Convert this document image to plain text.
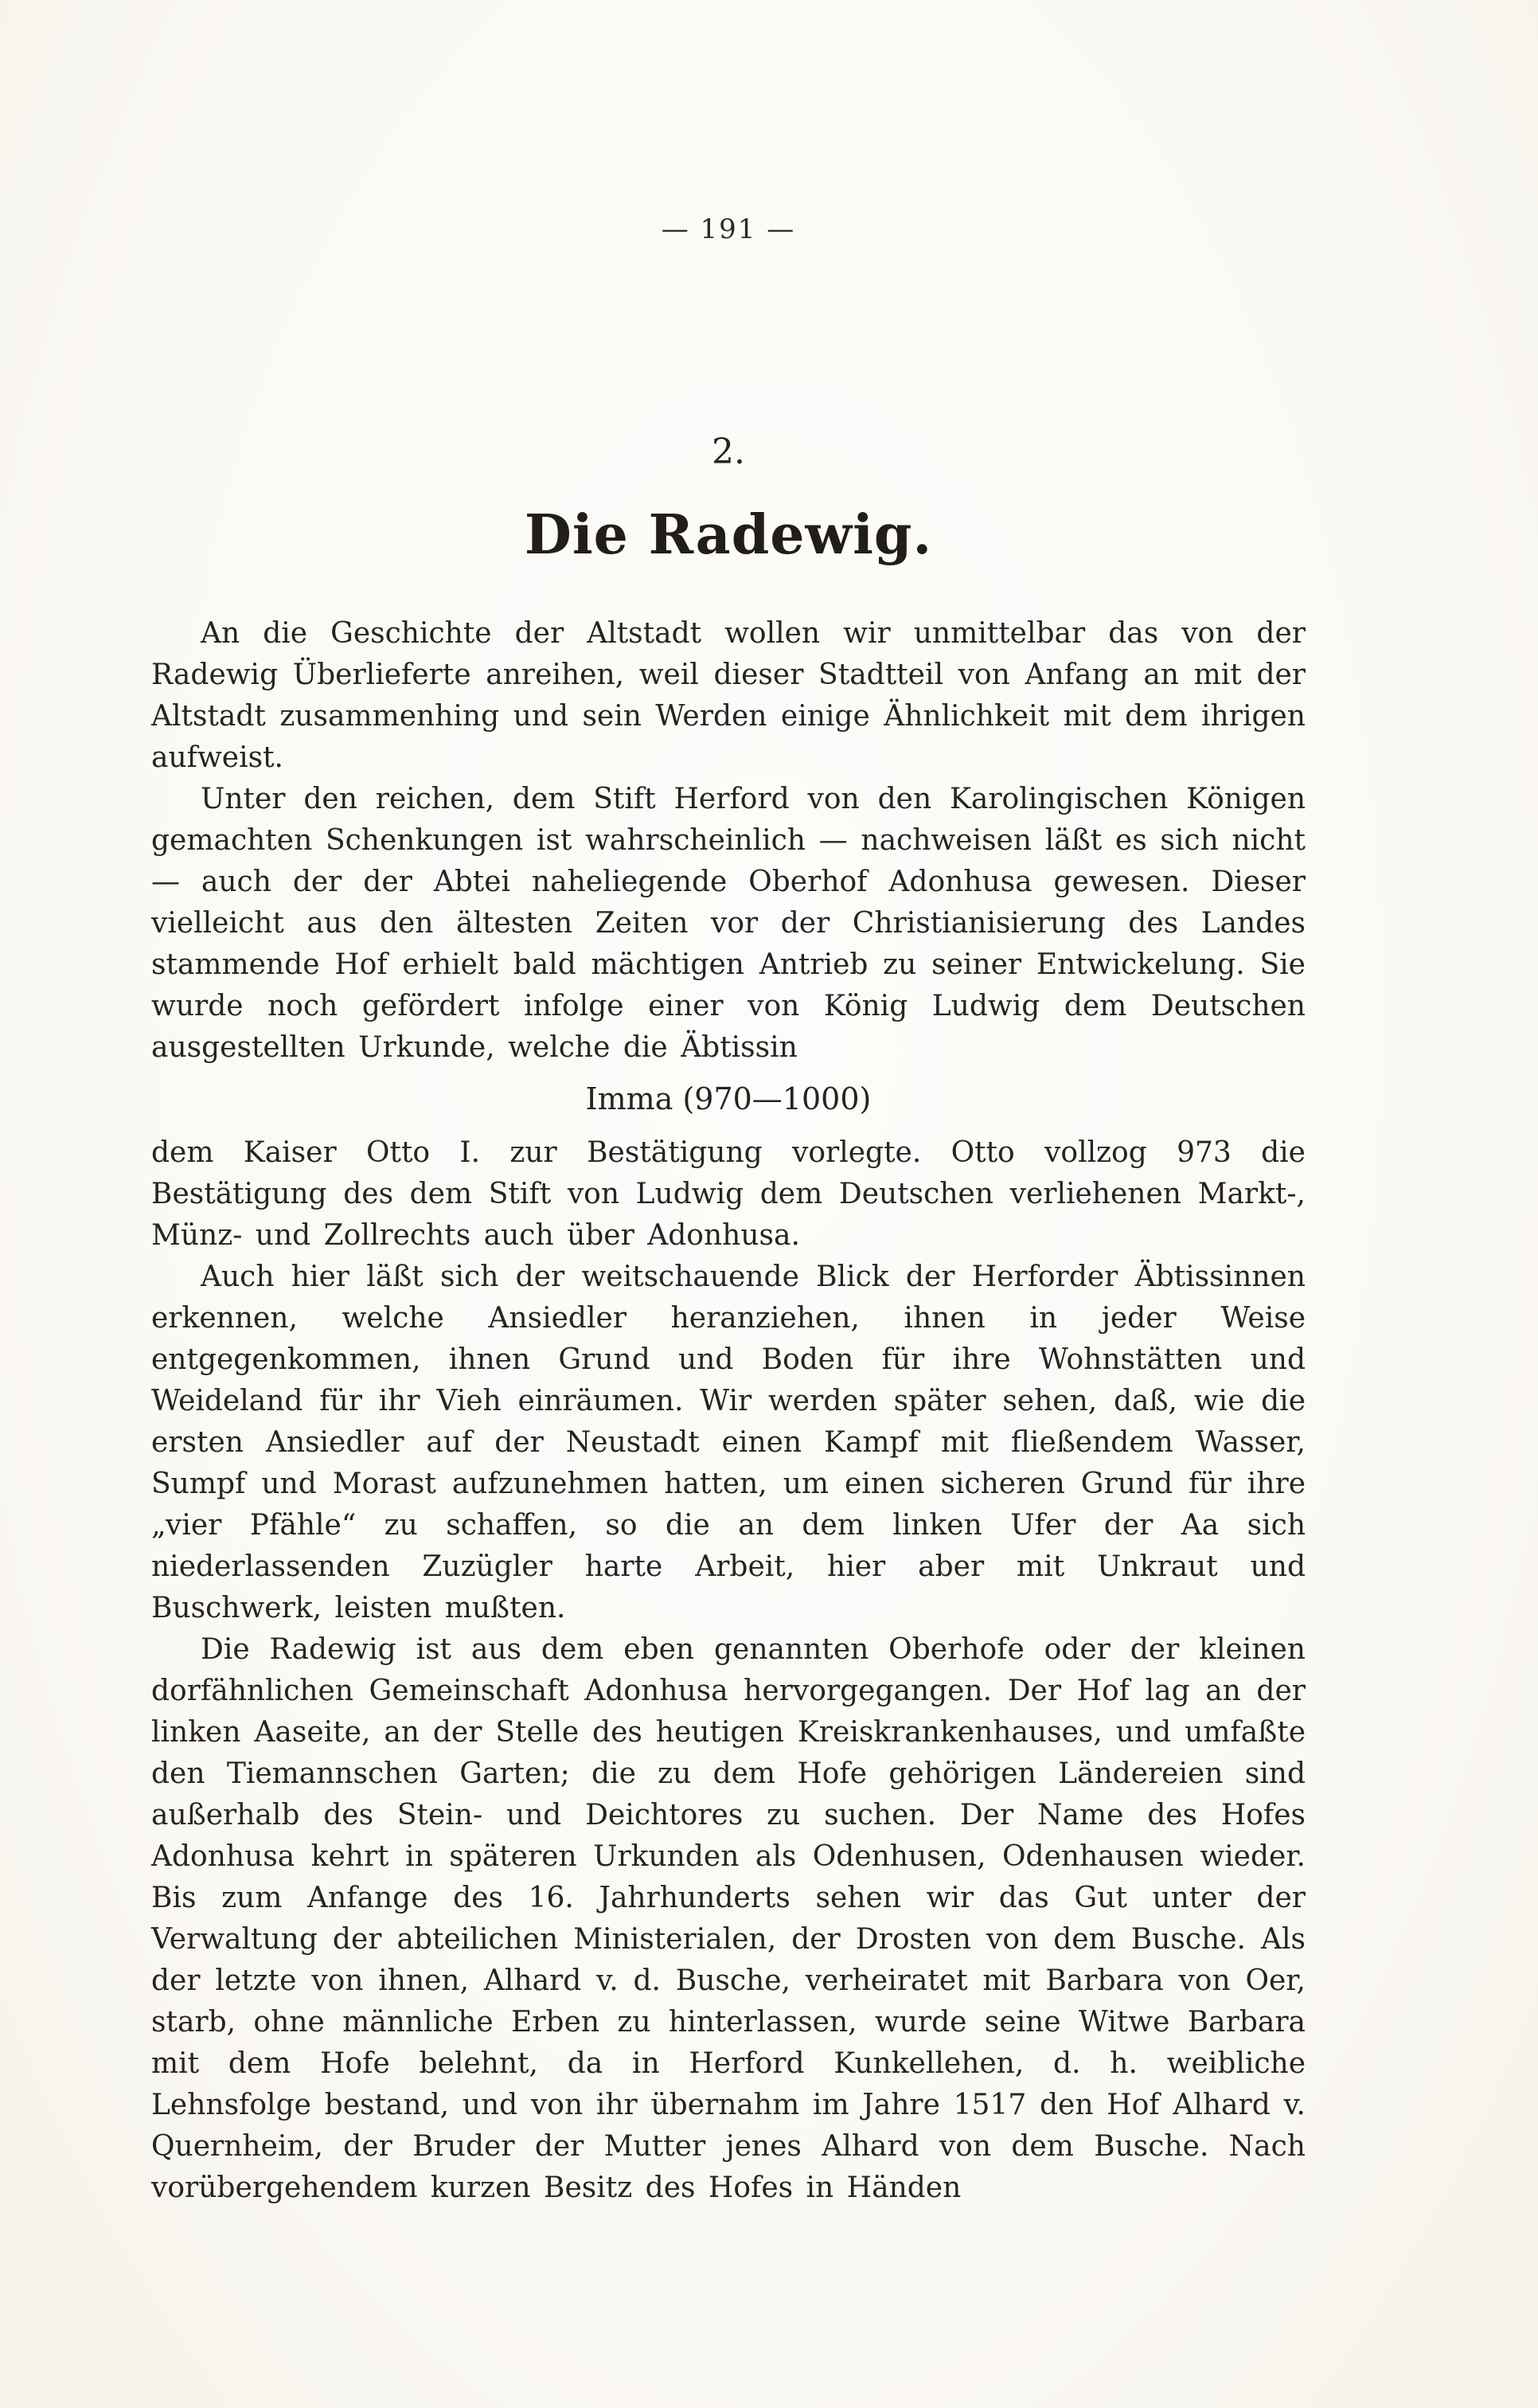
— 191 —
2.
Die Radewig.

An die Geschichte der Altstadt wollen wir unmittelbar das von der Radewig Überlieferte anreihen, weil dieser Stadtteil von Anfang an mit der Altstadt zusammenhing und sein Werden einige Ähnlichkeit mit dem ihrigen aufweist.

Unter den reichen, dem Stift Herford von den Karolingischen Königen gemachten Schenkungen ist wahrscheinlich — nachweisen läßt es sich nicht — auch der der Abtei naheliegende Oberhof Adonhusa gewesen. Dieser vielleicht aus den ältesten Zeiten vor der Christianisierung des Landes stammende Hof erhielt bald mächtigen Antrieb zu seiner Entwickelung. Sie wurde noch gefördert infolge einer von König Ludwig dem Deutschen ausgestellten Urkunde, welche die Äbtissin

Imma (970—1000)

dem Kaiser Otto I. zur Bestätigung vorlegte. Otto vollzog 973 die Bestätigung des dem Stift von Ludwig dem Deutschen verliehenen Markt-, Münz- und Zollrechts auch über Adonhusa.

Auch hier läßt sich der weitschauende Blick der Herforder Äbtissinnen erkennen, welche Ansiedler heranziehen, ihnen in jeder Weise entgegenkommen, ihnen Grund und Boden für ihre Wohnstätten und Weideland für ihr Vieh einräumen. Wir werden später sehen, daß, wie die ersten Ansiedler auf der Neustadt einen Kampf mit fließendem Wasser, Sumpf und Morast aufzunehmen hatten, um einen sicheren Grund für ihre „vier Pfähle“ zu schaffen, so die an dem linken Ufer der Aa sich niederlassenden Zuzügler harte Arbeit, hier aber mit Unkraut und Buschwerk, leisten mußten.

Die Radewig ist aus dem eben genannten Oberhofe oder der kleinen dorfähnlichen Gemeinschaft Adonhusa hervorgegangen. Der Hof lag an der linken Aaseite, an der Stelle des heutigen Kreiskrankenhauses, und umfaßte den Tiemannschen Garten; die zu dem Hofe gehörigen Ländereien sind außerhalb des Stein- und Deichtores zu suchen. Der Name des Hofes Adonhusa kehrt in späteren Urkunden als Odenhusen, Odenhausen wieder. Bis zum Anfange des 16. Jahrhunderts sehen wir das Gut unter der Verwaltung der abteilichen Ministerialen, der Drosten von dem Busche. Als der letzte von ihnen, Alhard v. d. Busche, verheiratet mit Barbara von Oer, starb, ohne männliche Erben zu hinterlassen, wurde seine Witwe Barbara mit dem Hofe belehnt, da in Herford Kunkellehen, d. h. weibliche Lehnsfolge bestand, und von ihr übernahm im Jahre 1517 den Hof Alhard v. Quernheim, der Bruder der Mutter jenes Alhard von dem Busche. Nach vorübergehendem kurzen Besitz des Hofes in Händen
